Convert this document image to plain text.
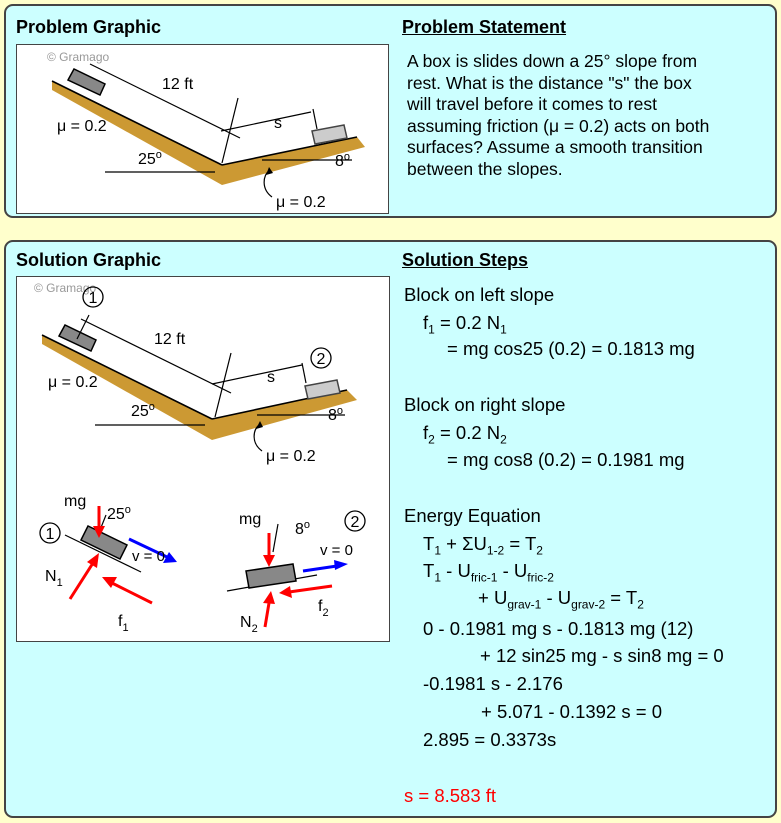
Problem Graphic	Problem Statement
© Gramago
12 ft
s
μ = 0.2
μ = 0.2
25$^o$	8$^o$
A box is slides down a 25° slope from
rest. What is the distance "s" the box
will travel before it comes to rest
assuming friction (μ = 0.2) acts on both
surfaces? Assume a smooth transition
between the slopes.
Solution Graphic	Solution Steps
© Gramago
1
2
12 ft
s
μ = 0.2
μ = 0.2
25$^o$	8$^o$
1
mg
25$^o$
v = 0
$N_1$
$f_1$
2
mg
8$^o$
v = 0
$N_2$
$f_2$
Block on left slope
$f_1 = 0.2$ $N_1$
= mg cos25 (0.2) = 0.1813 mg
Block on right slope
$f_2 = 0.2$ $N_2$
= mg cos8 (0.2) = 0.1981 mg
Energy Equation
$T_1 + \Sigma U_{1-2} = T_2$
$T_1 - U_{fric-1} - U_{fric-2}$
+ $U_{grav-1} - U_{grav-2} = T_2$
0 - 0.1981 mg s - 0.1813 mg (12)
+ 12 sin25 mg - s sin8 mg = 0
-0.1981 s - 2.176
+ 5.071 - 0.1392 s = 0
2.895 = 0.3373s
s = 8.583 ft
